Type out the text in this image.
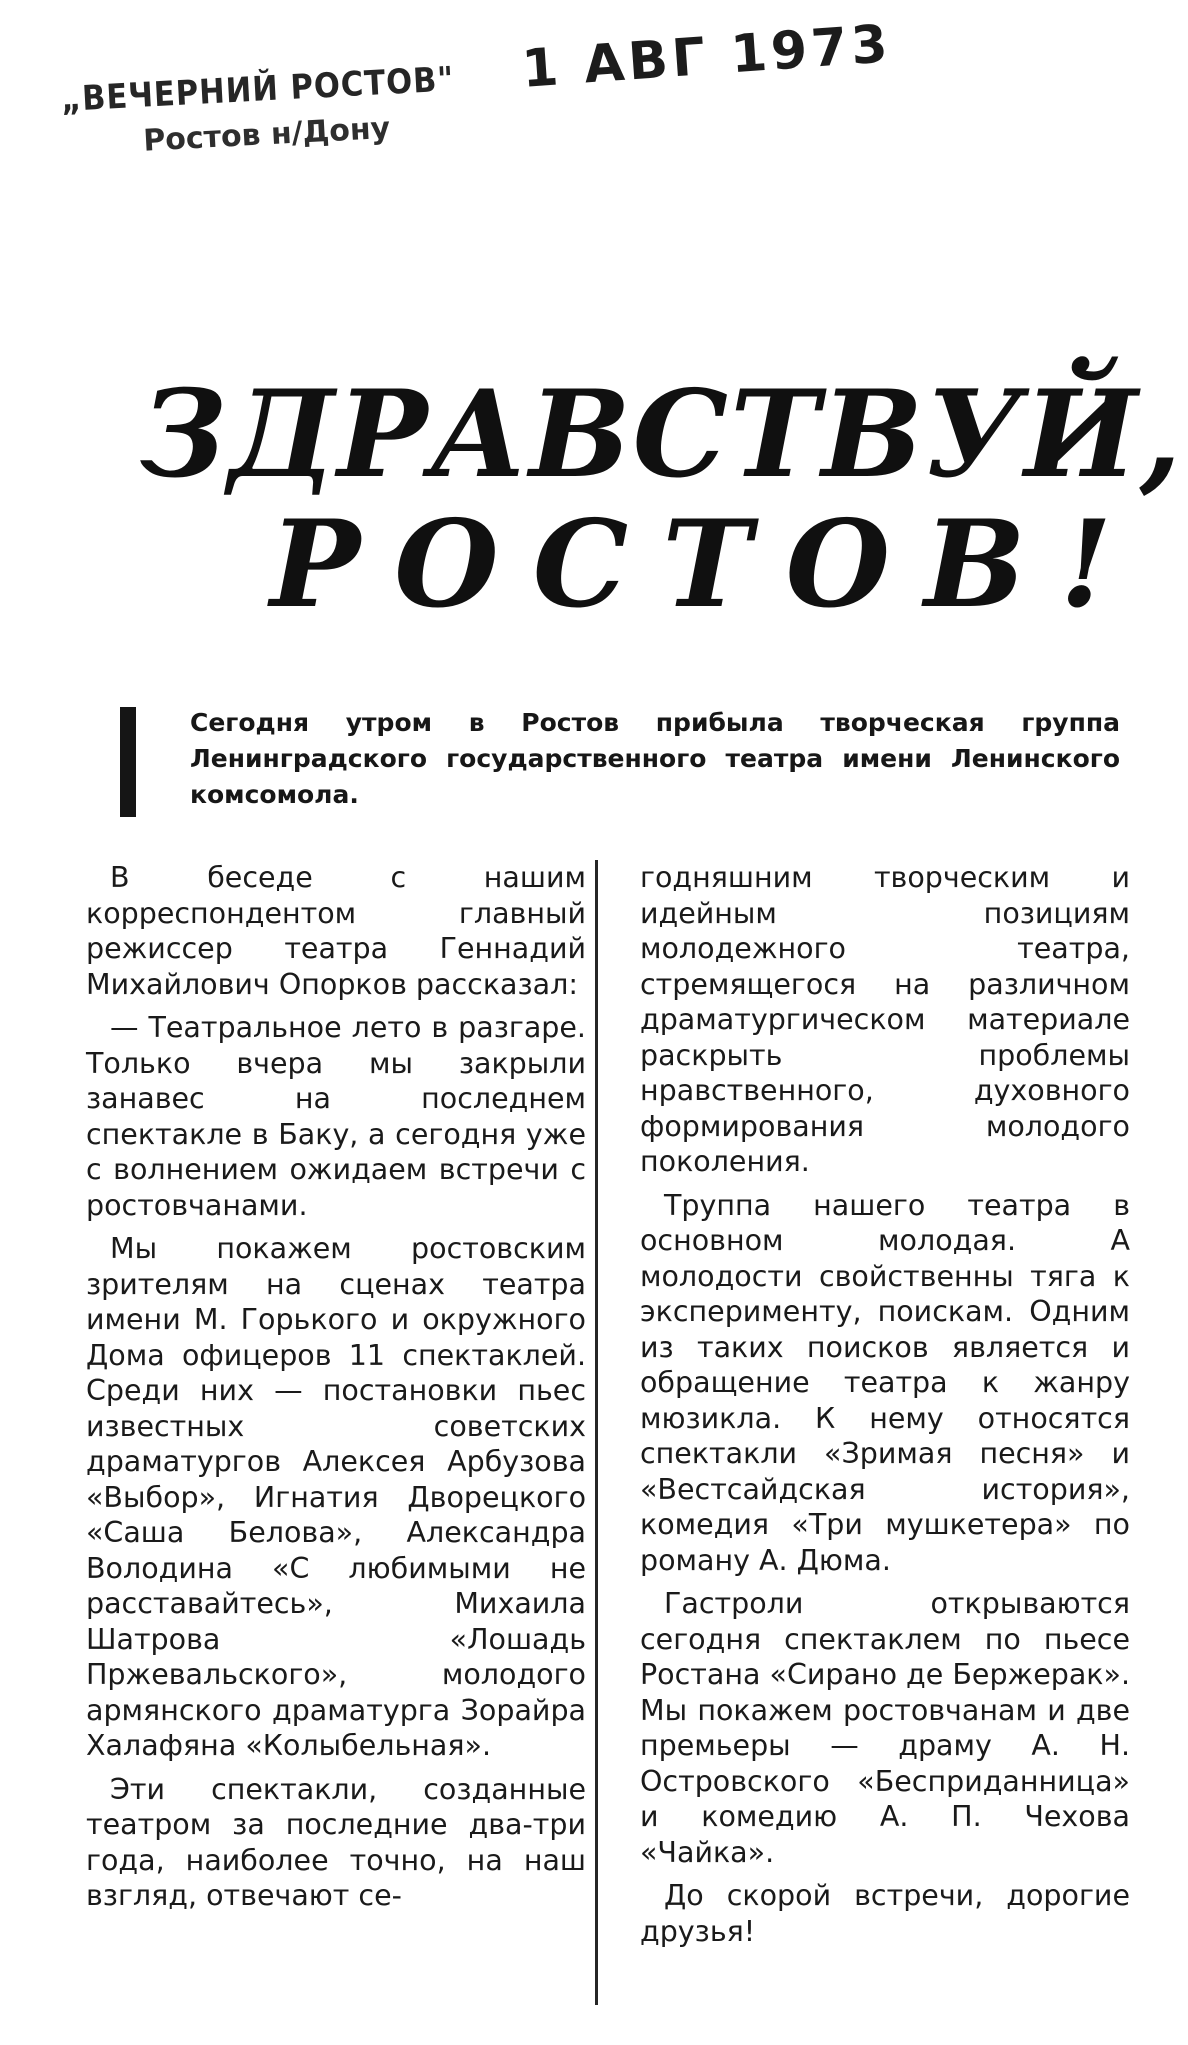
„ВЕЧЕРНИЙ РОСТОВ"
Ростов н/Дону
1 АВГ 1973
ЗДРАВСТВУЙ,
РОСТОВ!
Сегодня утром в Ростов прибыла творческая группа Ленинградского государственного театра имени Ленинского комсомола.

В беседе с нашим корреспондентом главный режиссер театра Геннадий Михайлович Опорков рассказал:

— Театральное лето в разгаре. Только вчера мы закрыли занавес на последнем спектакле в Баку, а сегодня уже с волнением ожидаем встречи с ростовчанами.

Мы покажем ростовским зрителям на сценах театра имени М. Горького и окружного Дома офицеров 11 спектаклей. Среди них — постановки пьес известных советских драматургов Алексея Арбузова «Выбор», Игнатия Дворецкого «Саша Белова», Александра Володина «С любимыми не расставайтесь», Михаила Шатрова «Лошадь Пржевальского», молодого армянского драматурга Зорайра Халафяна «Колыбельная».

Эти спектакли, созданные театром за последние два-три года, наиболее точно, на наш взгляд, отвечают се-

годняшним творческим и идейным позициям молодежного театра, стремящегося на различном драматургическом материале раскрыть проблемы нравственного, духовного формирования молодого поколения.

Труппа нашего театра в основном молодая. А молодости свойственны тяга к эксперименту, поискам. Одним из таких поисков является и обращение театра к жанру мюзикла. К нему относятся спектакли «Зримая песня» и «Вестсайдская история», комедия «Три мушкетера» по роману А. Дюма.

Гастроли открываются сегодня спектаклем по пьесе Ростана «Сирано де Бержерак». Мы покажем ростовчанам и две премьеры — драму А. Н. Островского «Бесприданница» и комедию А. П. Чехова «Чайка».

До скорой встречи, дорогие друзья!
